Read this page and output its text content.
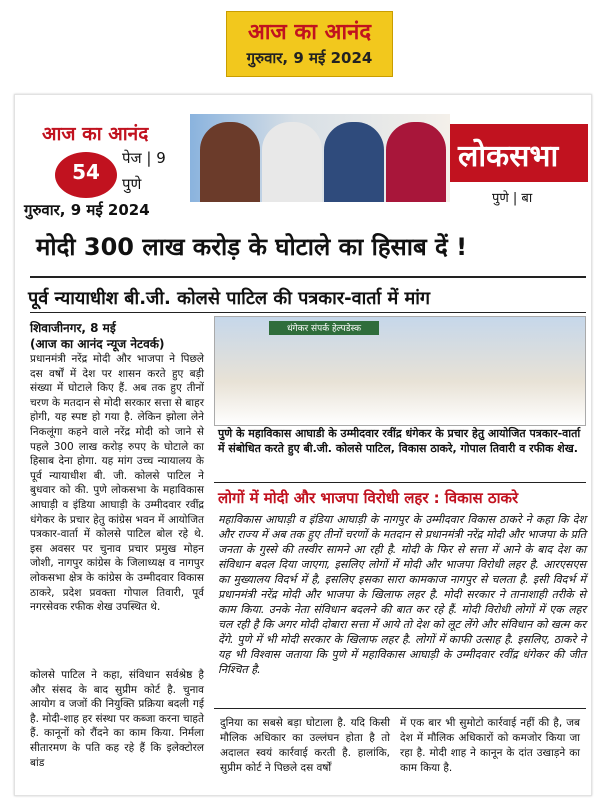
आज का आनंद
गुरुवार, 9 मई 2024
आज का आनंद
54
पेज | 9
पुणे
गुरुवार, 9 मई 2024
लोकसभा
पुणे | बा
मोदी 300 लाख करोड़ के घोटाले का हिसाब दें !
पूर्व न्यायाधीश बी.जी. कोलसे पाटिल की पत्रकार-वार्ता में मांग
शिवाजीनगर, 8 मई
(आज का आनंद न्यूज नेटवर्क)
प्रधानमंत्री नरेंद्र मोदी और भाजपा ने पिछले दस वर्षों में देश पर शासन करते हुए बड़ी संख्या में घोटाले किए हैं. अब तक हुए तीनों चरण के मतदान से मोदी सरकार सत्ता से बाहर होगी, यह स्पष्ट हो गया है. लेकिन झोला लेने निकलूंगा कहने वाले नरेंद्र मोदी को जाने से पहले 300 लाख करोड़ रुपए के घोटाले का हिसाब देना होगा. यह मांग उच्च न्यायालय के पूर्व न्यायाधीश बी. जी. कोलसे पाटिल ने बुधवार को की. पुणे लोकसभा के महाविकास आघाड़ी व इंडिया आघाड़ी के उम्मीदवार रवींद्र धंगेकर के प्रचार हेतु कांग्रेस भवन में आयोजित पत्रकार-वार्ता में कोलसे पाटिल बोल रहे थे. इस अवसर पर चुनाव प्रचार प्रमुख मोहन जोशी, नागपुर कांग्रेस के जिलाध्यक्ष व नागपुर लोकसभा क्षेत्र के कांग्रेस के उम्मीदवार विकास ठाकरे, प्रदेश प्रवक्ता गोपाल तिवारी, पूर्व नगरसेवक रफीक शेख उपस्थित थे.
धंगेकर संपर्क हेल्पडेस्क
पुणे के महाविकास आघाडी के उम्मीदवार रवींद्र धंगेकर के प्रचार हेतु आयोजित पत्रकार-वार्ता में संबोधित करते हुए बी.जी. कोलसे पाटिल, विकास ठाकरे, गोपाल तिवारी व रफीक शेख.
लोगों में मोदी और भाजपा विरोधी लहर : विकास ठाकरे
महाविकास आघाड़ी व इंडिया आघाड़ी के नागपुर के उम्मीदवार विकास ठाकरे ने कहा कि देश और राज्य में अब तक हुए तीनों चरणों के मतदान से प्रधानमंत्री नरेंद्र मोदी और भाजपा के प्रति जनता के गुस्से की तस्वीर सामने आ रही है. मोदी के फिर से सत्ता में आने के बाद देश का संविधान बदल दिया जाएगा, इसलिए लोगों में मोदी और भाजपा विरोधी लहर है. आरएसएस का मुख्यालय विदर्भ में है, इसलिए इसका सारा कामकाज नागपुर से चलता है. इसी विदर्भ में प्रधानमंत्री नरेंद्र मोदी और भाजपा के खिलाफ लहर है. मोदी सरकार ने तानाशाही तरीके से काम किया. उनके नेता संविधान बदलने की बात कर रहे हैं. मोदी विरोधी लोगों में एक लहर चल रही है कि अगर मोदी दोबारा सत्ता में आये तो देश को लूट लेंगे और संविधान को खत्म कर देंगे. पुणे में भी मोदी सरकार के खिलाफ लहर है. लोगों में काफी उत्साह है. इसलिए, ठाकरे ने यह भी विश्वास जताया कि पुणे में महाविकास आघाड़ी के उम्मीदवार रवींद्र धंगेकर की जीत निश्चित है.
कोलसे पाटिल ने कहा, संविधान सर्वश्रेष्ठ है और संसद के बाद सुप्रीम कोर्ट है. चुनाव आयोग व जजों की नियुक्ति प्रक्रिया बदली गई है. मोदी-शाह हर संस्था पर कब्जा करना चाहते हैं. कानूनों को रौंदने का काम किया. निर्मला सीतारमण के पति कह रहे हैं कि इलेक्टोरल बांड
दुनिया का सबसे बड़ा घोटाला है. यदि किसी मौलिक अधिकार का उल्लंघन होता है तो अदालत स्वयं कार्रवाई करती है. हालांकि, सुप्रीम कोर्ट ने पिछले दस वर्षों
में एक बार भी सुमोटो कार्रवाई नहीं की है, जब देश में मौलिक अधिकारों को कमजोर किया जा रहा है. मोदी शाह ने कानून के दांत उखाड़ने का काम किया है.
